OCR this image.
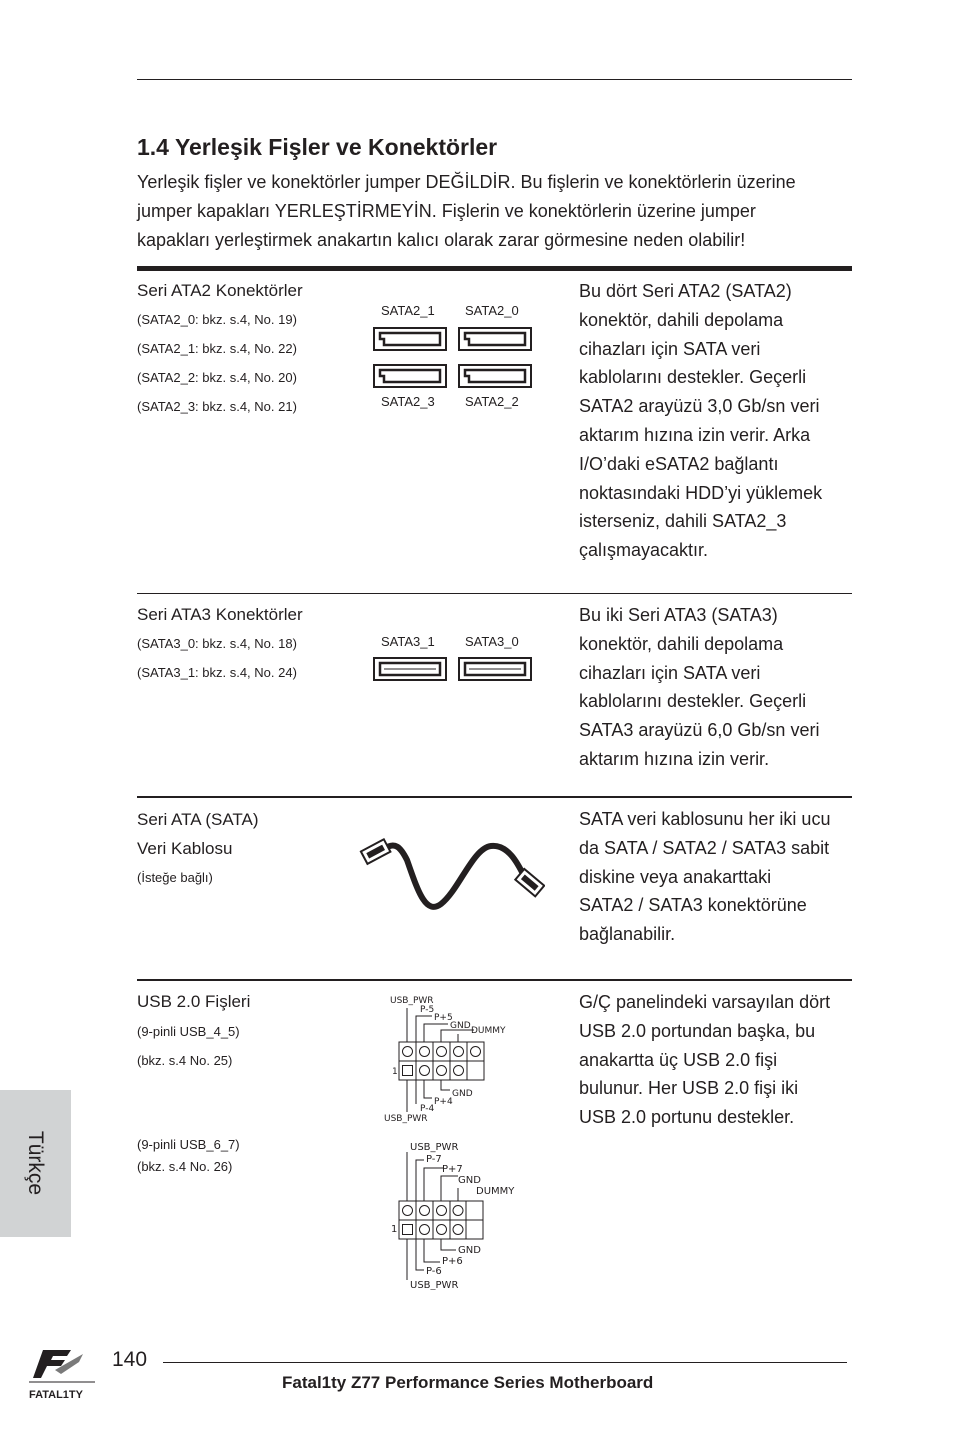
1.4 Yerleşik Fişler ve Konektörler
Yerleşik fişler ve konektörler jumper DEĞİLDİR. Bu fişlerin ve konektörlerin üzerine
jumper kapakları YERLEŞTİRMEYİN. Fişlerin ve konektörlerin üzerine jumper
kapakları yerleştirmek anakartın kalıcı olarak zarar görmesine neden olabilir!
Seri ATA2 Konektörler
(SATA2_0: bkz. s.4, No. 19)
(SATA2_1: bkz. s.4, No. 22)
(SATA2_2: bkz. s.4, No. 20)
(SATA2_3: bkz. s.4, No. 21)
SATA2_1 SATA2_0
SATA2_3 SATA2_2
Bu dört Seri ATA2 (SATA2)
konektör, dahili depolama
cihazları için SATA veri
kablolarını destekler. Geçerli
SATA2 arayüzü 3,0 Gb/sn veri
aktarım hızına izin verir. Arka
I/O’daki eSATA2 bağlantı
noktasındaki HDD’yi yüklemek
isterseniz, dahili SATA2_3
çalışmayacaktır.
Seri ATA3 Konektörler
(SATA3_0: bkz. s.4, No. 18)
(SATA3_1: bkz. s.4, No. 24)
SATA3_1 SATA3_0
Bu iki Seri ATA3 (SATA3)
konektör, dahili depolama
cihazları için SATA veri
kablolarını destekler. Geçerli
SATA3 arayüzü 6,0 Gb/sn veri
aktarım hızına izin verir.
Seri ATA (SATA)
Veri Kablosu
(İsteğe bağlı)
SATA veri kablosunu her iki ucu
da SATA / SATA2 / SATA3 sabit
diskine veya anakarttaki
SATA2 / SATA3 konektörüne
bağlanabilir.
USB 2.0 Fişleri
(9-pinli USB_4_5)
(bkz. s.4 No. 25)
(9-pinli USB_6_7)
(bkz. s.4 No. 26)
USB_PWR
P-5
P+5
GND DUMMY
1
GND
P+4
P-4
USB_PWR
USB_PWR
P-7
P+7
GND
DUMMY
1
GND
P+6
P-6
USB_PWR
G/Ç panelindeki varsayılan dört
USB 2.0 portundan başka, bu
anakartta üç USB 2.0 fişi
bulunur. Her USB 2.0 fişi iki
USB 2.0 portunu destekler.
Türkçe
FATAL1TY
140
Fatal1ty Z77 Performance Series Motherboard
